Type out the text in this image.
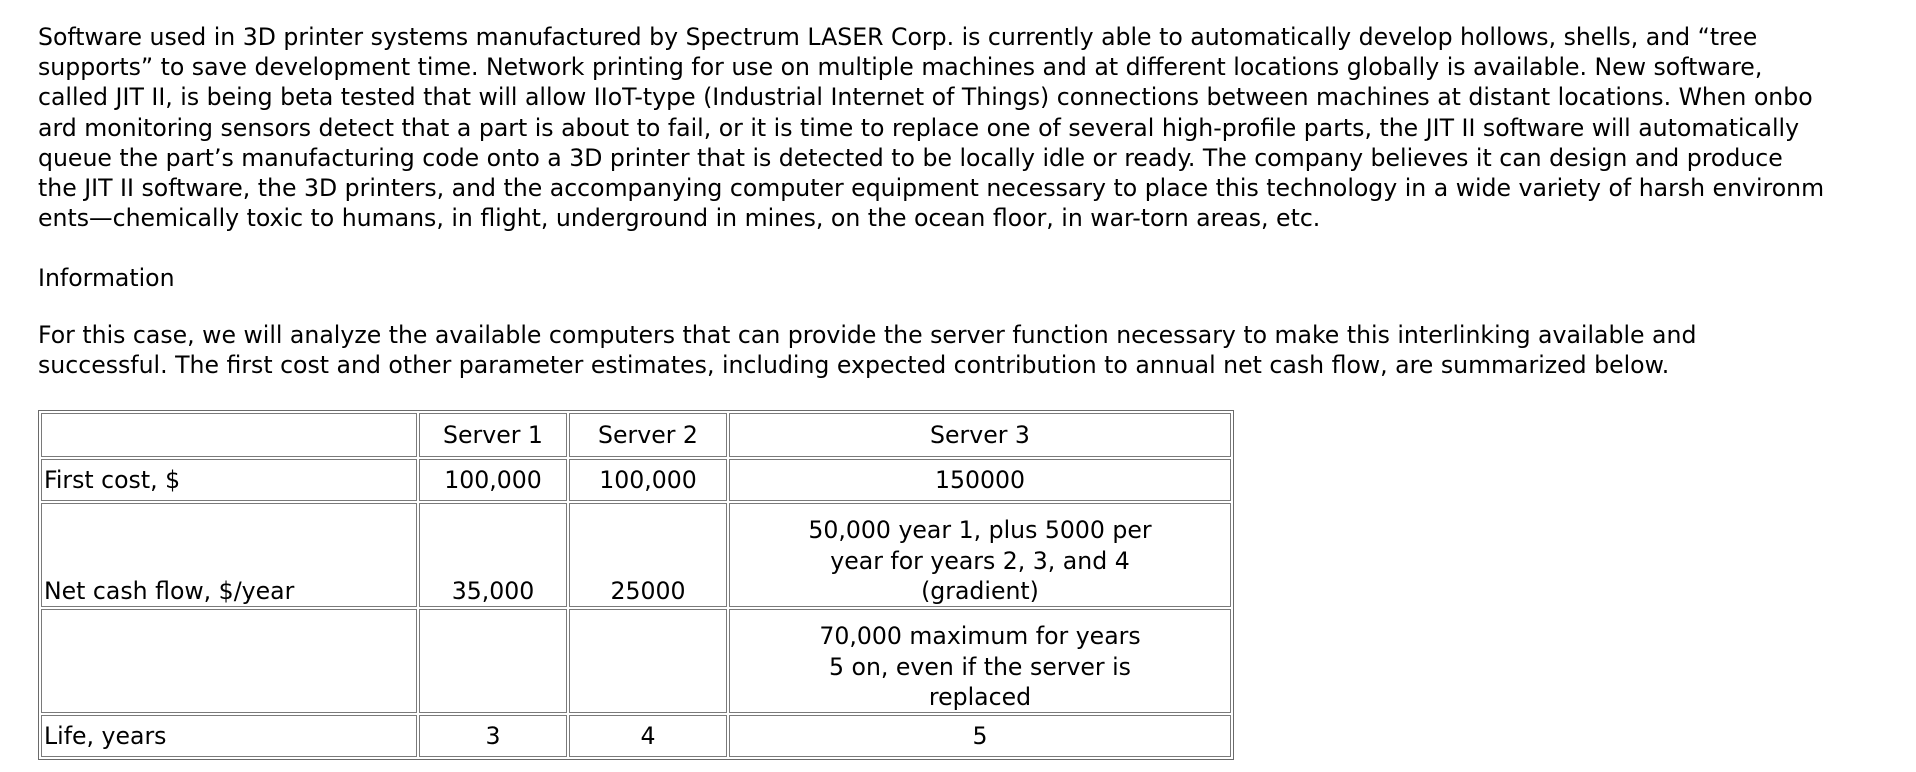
Software used in 3D printer systems manufactured by Spectrum LASER Corp. is currently able to automatically develop hollows, shells, and “tree
supports” to save development time. Network printing for use on multiple machines and at different locations globally is available. New software,
called JIT II, is being beta tested that will allow IIoT-type (Industrial Internet of Things) connections between machines at distant locations. When onbo
ard monitoring sensors detect that a part is about to fail, or it is time to replace one of several high-profile parts, the JIT II software will automatically
queue the part’s manufacturing code onto a 3D printer that is detected to be locally idle or ready. The company believes it can design and produce
the JIT II software, the 3D printers, and the accompanying computer equipment necessary to place this technology in a wide variety of harsh environm
ents—chemically toxic to humans, in flight, underground in mines, on the ocean floor, in war-torn areas, etc.

Information

For this case, we will analyze the available computers that can provide the server function necessary to make this interlinking available and
successful. The first cost and other parameter estimates, including expected contribution to annual net cash flow, are summarized below.

	Server 1	Server 2	Server 3
First cost, $	100,000	100,000	150000
Net cash flow, $/year	35,000	25000	50,000 year 1, plus 5000 per
year for years 2, 3, and 4
(gradient)

			70,000 maximum for years
5 on, even if the server is
replaced

Life, years	3	4	5
